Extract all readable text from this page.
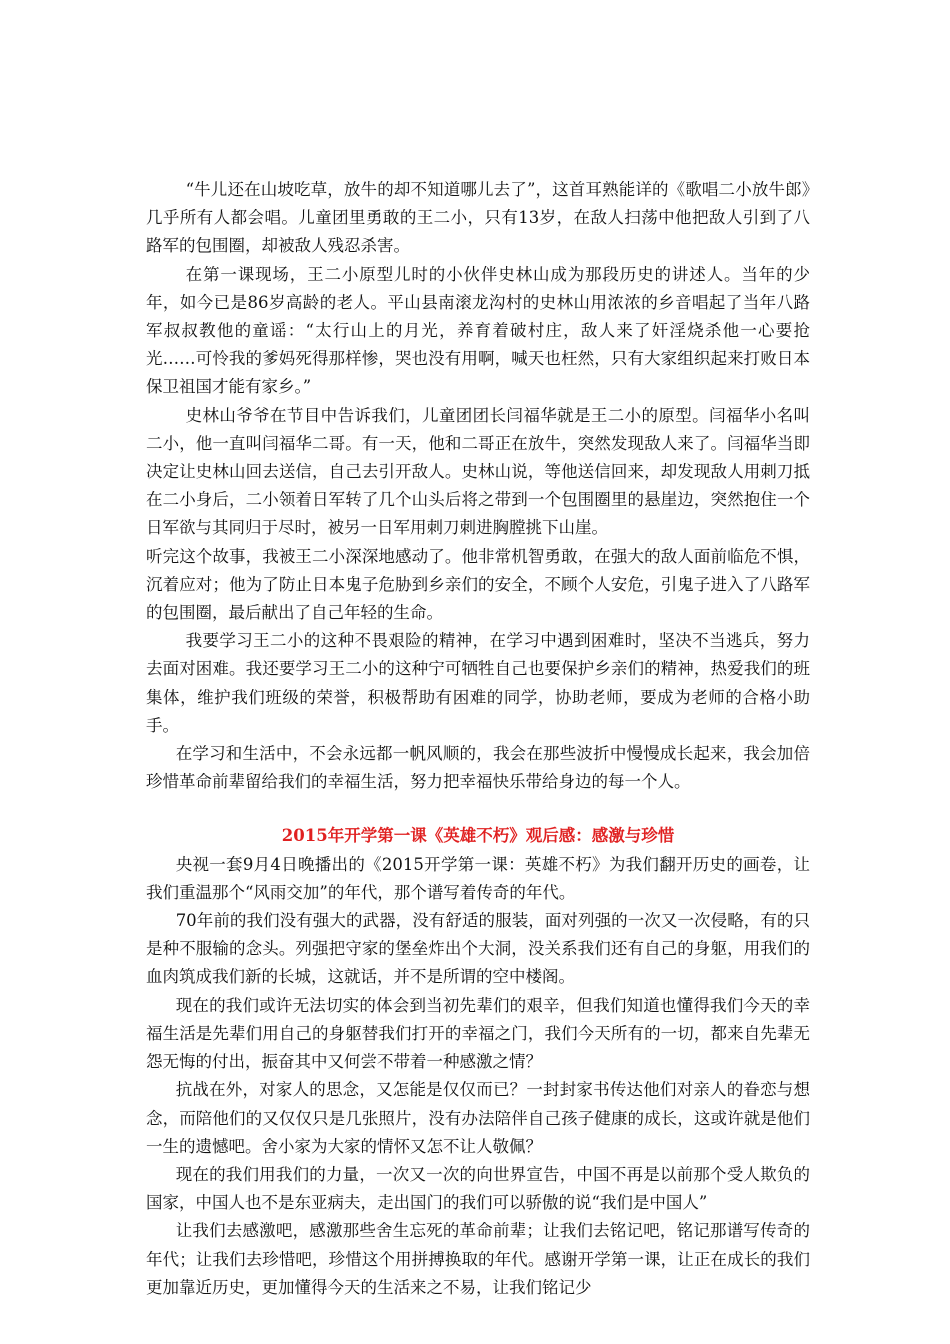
“牛儿还在山坡吃草，放牛的却不知道哪儿去了”，这首耳熟能详的《歌唱二小放牛郎》几乎所有人都会唱。儿童团里勇敢的王二小，只有13岁，在敌人扫荡中他把敌人引到了八路军的包围圈，却被敌人残忍杀害。

在第一课现场，王二小原型儿时的小伙伴史林山成为那段历史的讲述人。当年的少年，如今已是86岁高龄的老人。平山县南滚龙沟村的史林山用浓浓的乡音唱起了当年八路军叔叔教他的童谣：“太行山上的月光，养育着破村庄，敌人来了奸淫烧杀他一心要抢光……可怜我的爹妈死得那样惨，哭也没有用啊，喊天也枉然，只有大家组织起来打败日本保卫祖国才能有家乡。”

史林山爷爷在节目中告诉我们，儿童团团长闫福华就是王二小的原型。闫福华小名叫二小，他一直叫闫福华二哥。有一天，他和二哥正在放牛，突然发现敌人来了。闫福华当即决定让史林山回去送信，自己去引开敌人。史林山说，等他送信回来，却发现敌人用刺刀抵在二小身后，二小领着日军转了几个山头后将之带到一个包围圈里的悬崖边，突然抱住一个日军欲与其同归于尽时，被另一日军用刺刀刺进胸膛挑下山崖。

听完这个故事，我被王二小深深地感动了。他非常机智勇敢，在强大的敌人面前临危不惧，沉着应对；他为了防止日本鬼子危胁到乡亲们的安全，不顾个人安危，引鬼子进入了八路军的包围圈，最后献出了自己年轻的生命。

我要学习王二小的这种不畏艰险的精神，在学习中遇到困难时，坚决不当逃兵，努力去面对困难。我还要学习王二小的这种宁可牺牲自己也要保护乡亲们的精神，热爱我们的班集体，维护我们班级的荣誉，积极帮助有困难的同学，协助老师，要成为老师的合格小助手。

在学习和生活中，不会永远都一帆风顺的，我会在那些波折中慢慢成长起来，我会加倍珍惜革命前辈留给我们的幸福生活，努力把幸福快乐带给身边的每一个人。

2015年开学第一课《英雄不朽》观后感：感激与珍惜

央视一套9月4日晚播出的《2015开学第一课：英雄不朽》为我们翻开历史的画卷，让我们重温那个“风雨交加”的年代，那个谱写着传奇的年代。

70年前的我们没有强大的武器，没有舒适的服装，面对列强的一次又一次侵略，有的只是种不服输的念头。列强把守家的堡垒炸出个大洞，没关系我们还有自己的身躯，用我们的血肉筑成我们新的长城，这就话，并不是所谓的空中楼阁。

现在的我们或许无法切实的体会到当初先辈们的艰辛，但我们知道也懂得我们今天的幸福生活是先辈们用自己的身躯替我们打开的幸福之门，我们今天所有的一切，都来自先辈无怨无悔的付出，振奋其中又何尝不带着一种感激之情？

抗战在外，对家人的思念，又怎能是仅仅而已？一封封家书传达他们对亲人的眷恋与想念，而陪他们的又仅仅只是几张照片，没有办法陪伴自己孩子健康的成长，这或许就是他们一生的遗憾吧。舍小家为大家的情怀又怎不让人敬佩？

现在的我们用我们的力量，一次又一次的向世界宣告，中国不再是以前那个受人欺负的国家，中国人也不是东亚病夫，走出国门的我们可以骄傲的说“我们是中国人”

让我们去感激吧，感激那些舍生忘死的革命前辈；让我们去铭记吧，铭记那谱写传奇的年代；让我们去珍惜吧，珍惜这个用拼搏换取的年代。感谢开学第一课，让正在成长的我们更加靠近历史，更加懂得今天的生活来之不易，让我们铭记少
